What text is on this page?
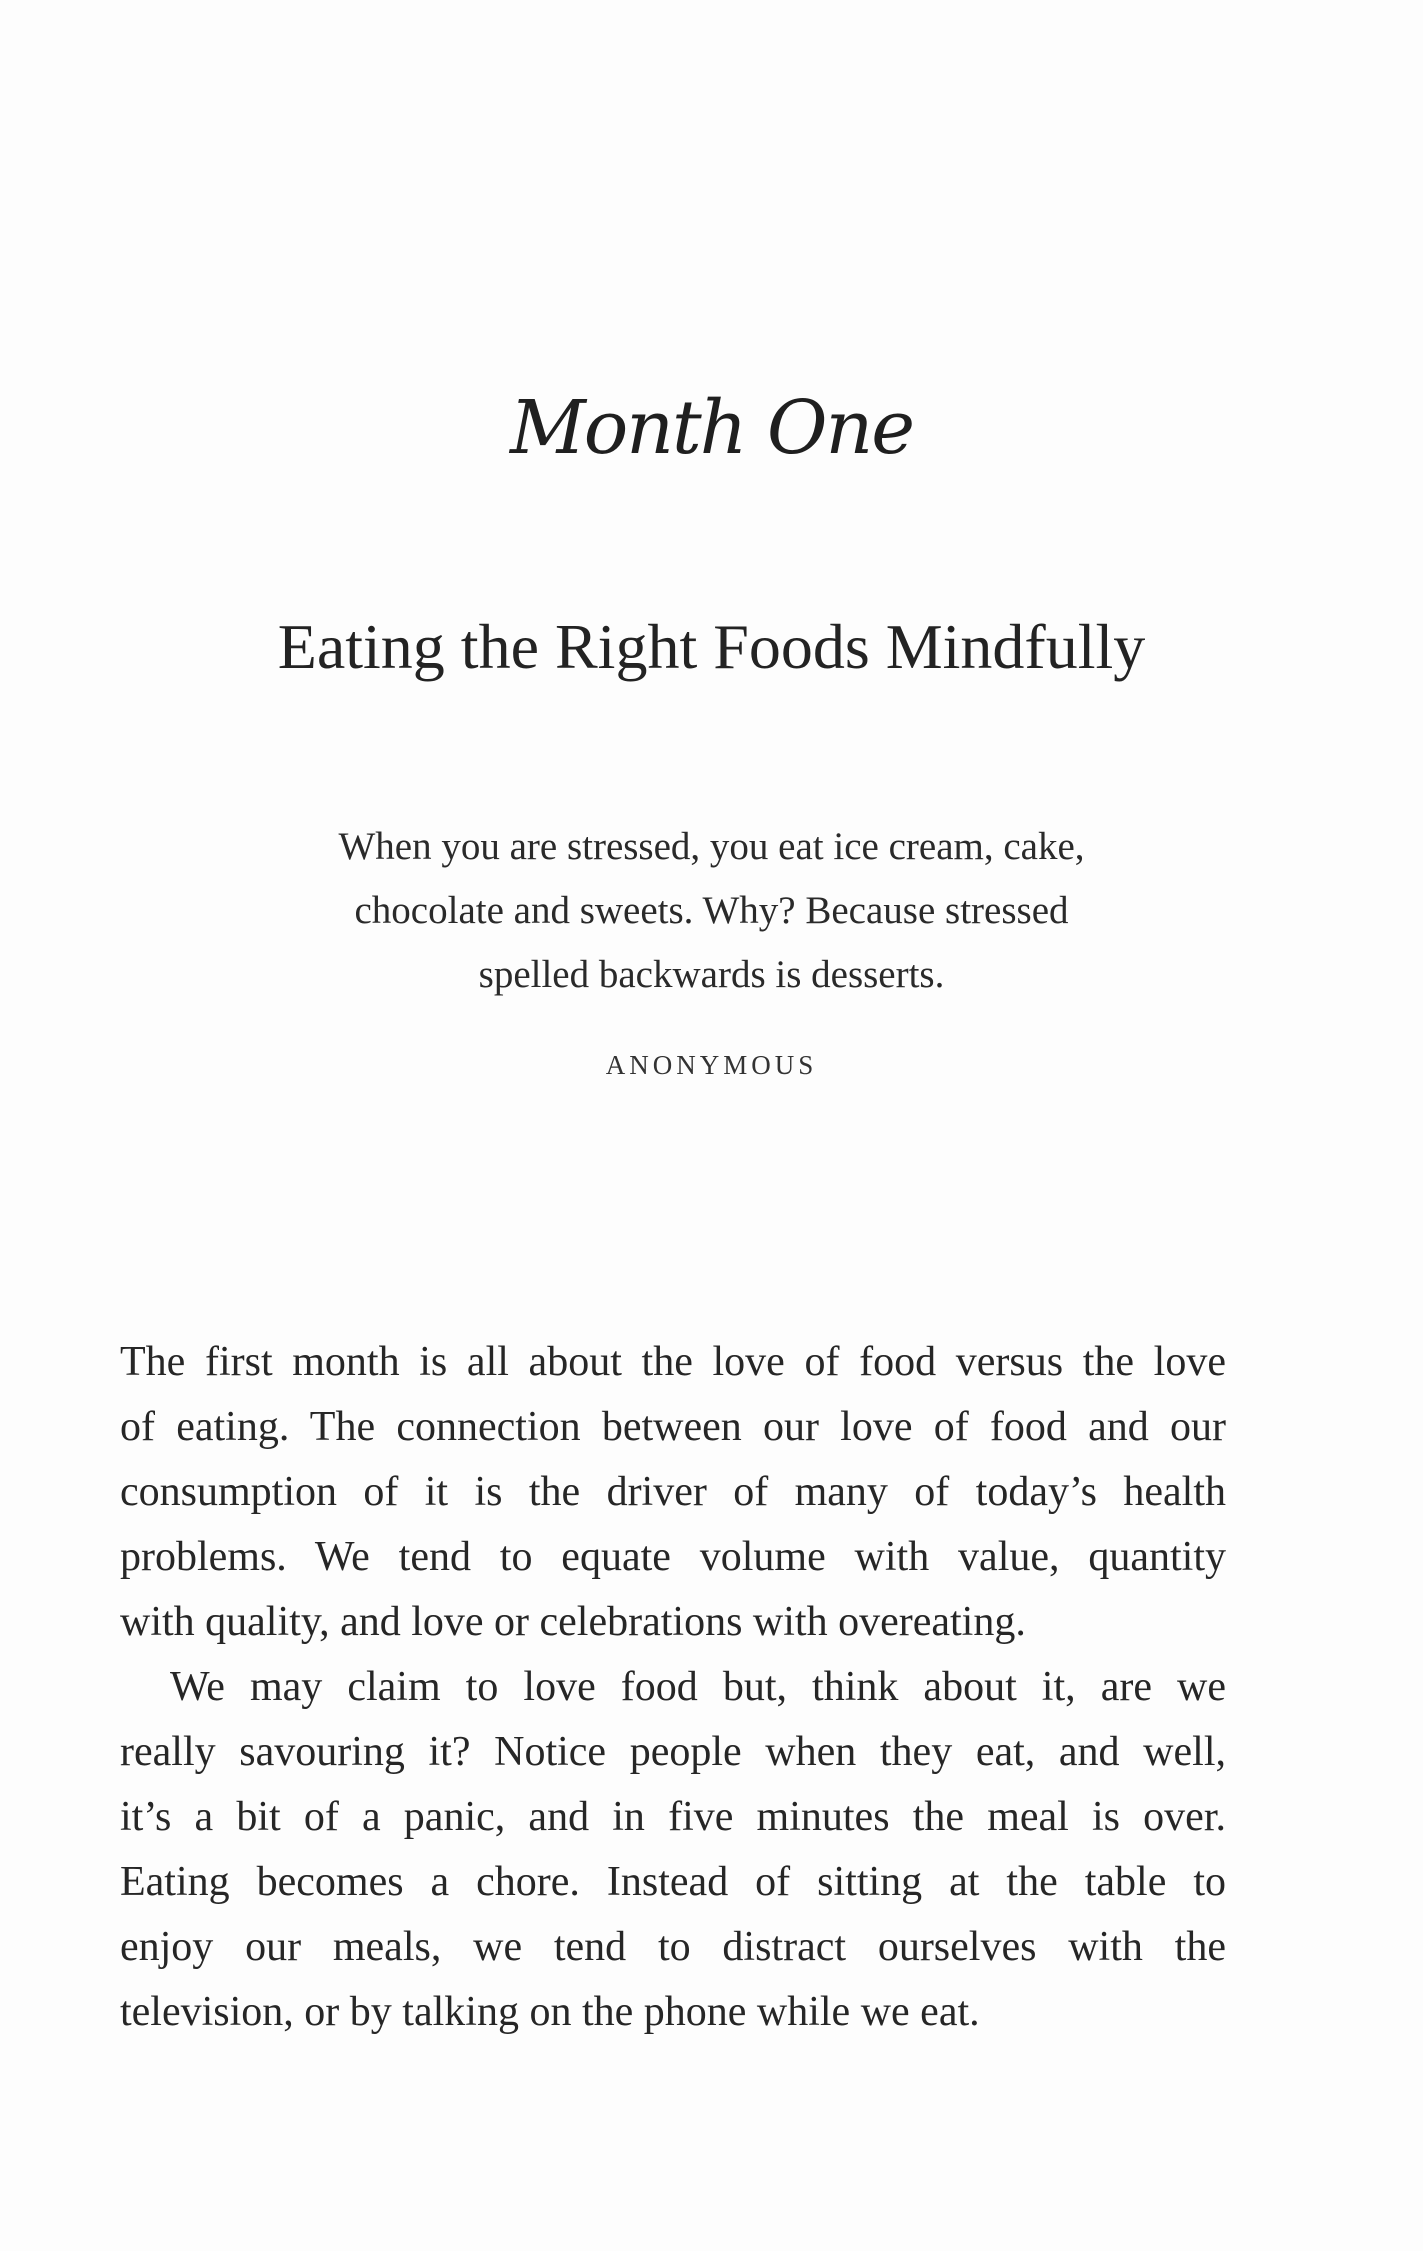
Month One
Eating the Right Foods Mindfully
When you are stressed, you eat ice cream, cake,
chocolate and sweets. Why? Because stressed
spelled backwards is desserts.
ANONYMOUS
The first month is all about the love of food versus the love
of eating. The connection between our love of food and our
consumption of it is the driver of many of today’s health
problems. We tend to equate volume with value, quantity
with quality, and love or celebrations with overeating.
We may claim to love food but, think about it, are we
really savouring it? Notice people when they eat, and well,
it’s a bit of a panic, and in five minutes the meal is over.
Eating becomes a chore. Instead of sitting at the table to
enjoy our meals, we tend to distract ourselves with the
television, or by talking on the phone while we eat.
